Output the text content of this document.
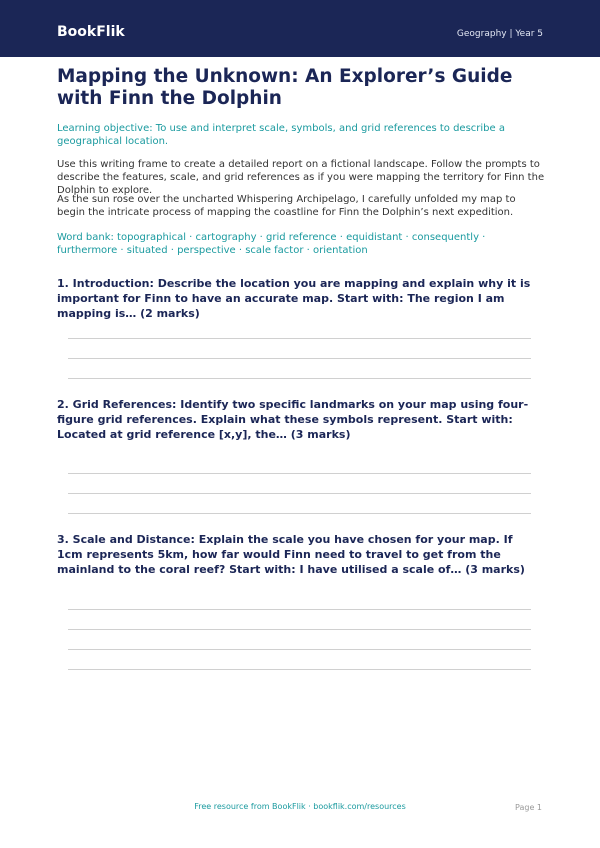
BookFlik	Geography | Year 5
Mapping the Unknown: An Explorer’s Guide with Finn the Dolphin

Learning objective: To use and interpret scale, symbols, and grid references to describe a geographical location.

Use this writing frame to create a detailed report on a fictional landscape. Follow the prompts to describe the features, scale, and grid references as if you were mapping the territory for Finn the Dolphin to explore.

As the sun rose over the uncharted Whispering Archipelago, I carefully unfolded my map to begin the intricate process of mapping the coastline for Finn the Dolphin’s next expedition.

Word bank: topographical · cartography · grid reference · equidistant · consequently · furthermore · situated · perspective · scale factor · orientation

1. Introduction: Describe the location you are mapping and explain why it is important for Finn to have an accurate map. Start with: The region I am mapping is… (2 marks)

2. Grid References: Identify two specific landmarks on your map using four-figure grid references. Explain what these symbols represent. Start with: Located at grid reference [x,y], the… (3 marks)

3. Scale and Distance: Explain the scale you have chosen for your map. If 1cm represents 5km, how far would Finn need to travel to get from the mainland to the coral reef? Start with: I have utilised a scale of… (3 marks)

Free resource from BookFlik · bookflik.com/resources	Page 1
